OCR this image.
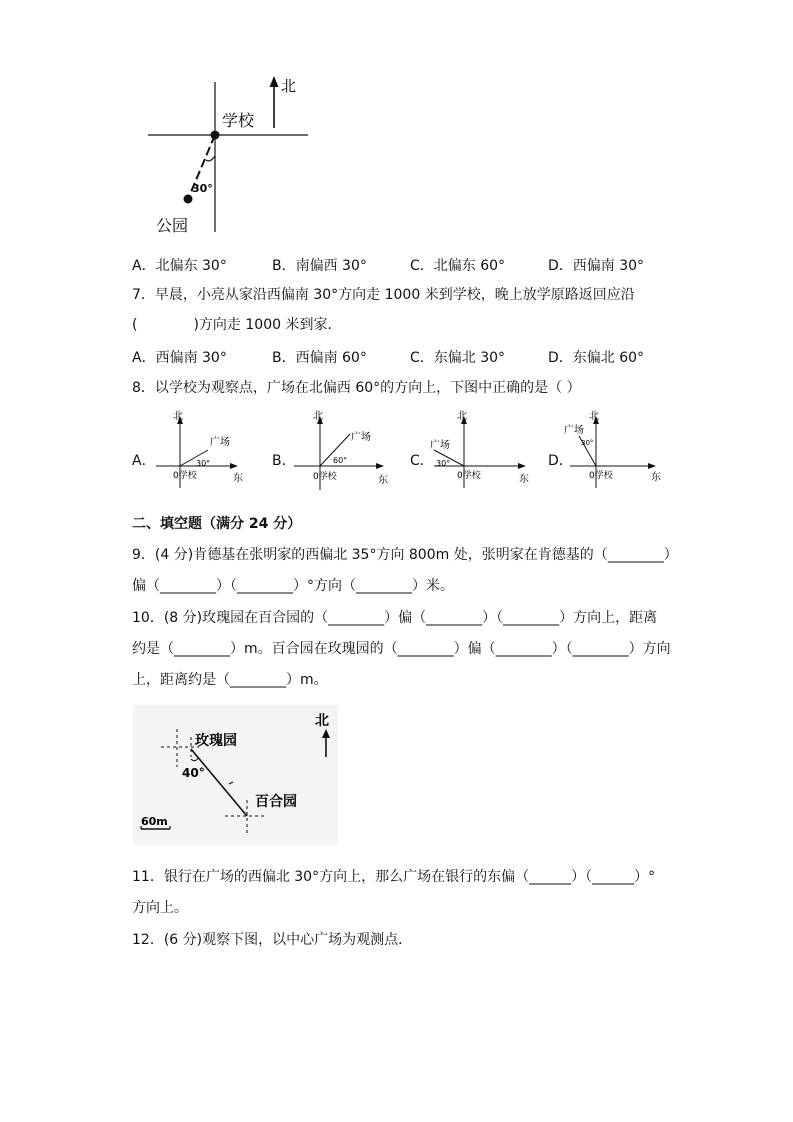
北
学校
30°
公园
A．北偏东 30°	B．南偏西 30°	C．北偏东 60°	D．西偏南 30°
7．早晨，小亮从家沿西偏南 30°方向走 1000 米到学校，晚上放学原路返回应沿
(　　　　)方向走 1000 米到家．
A．西偏南 30°	B．西偏南 60°	C．东偏北 30°	D．东偏北 60°
8．以学校为观察点，广场在北偏西 60°的方向上，下图中正确的是（ ）
A．
北
广场
30°
0学校	东
B．
北
广场
60°
0学校	东
C．
北
广场
30°
0学校	东
D．
北
广场
30°
0学校	东
二、填空题（满分 24 分）
9．(4 分)肯德基在张明家的西偏北 35°方向 800m 处，张明家在肯德基的（________）
偏（________）（________）°方向（________）米。
10．(8 分)玫瑰园在百合园的（________）偏（________）（________）方向上，距离
约是（________）m。百合园在玫瑰园的（________）偏（________）（________）方向
上，距离约是（________）m。
北
玫瑰园
40°
百合园
60m
11．银行在广场的西偏北 30°方向上，那么广场在银行的东偏（______）（______）°
方向上。
12．(6 分)观察下图，以中心广场为观测点．
